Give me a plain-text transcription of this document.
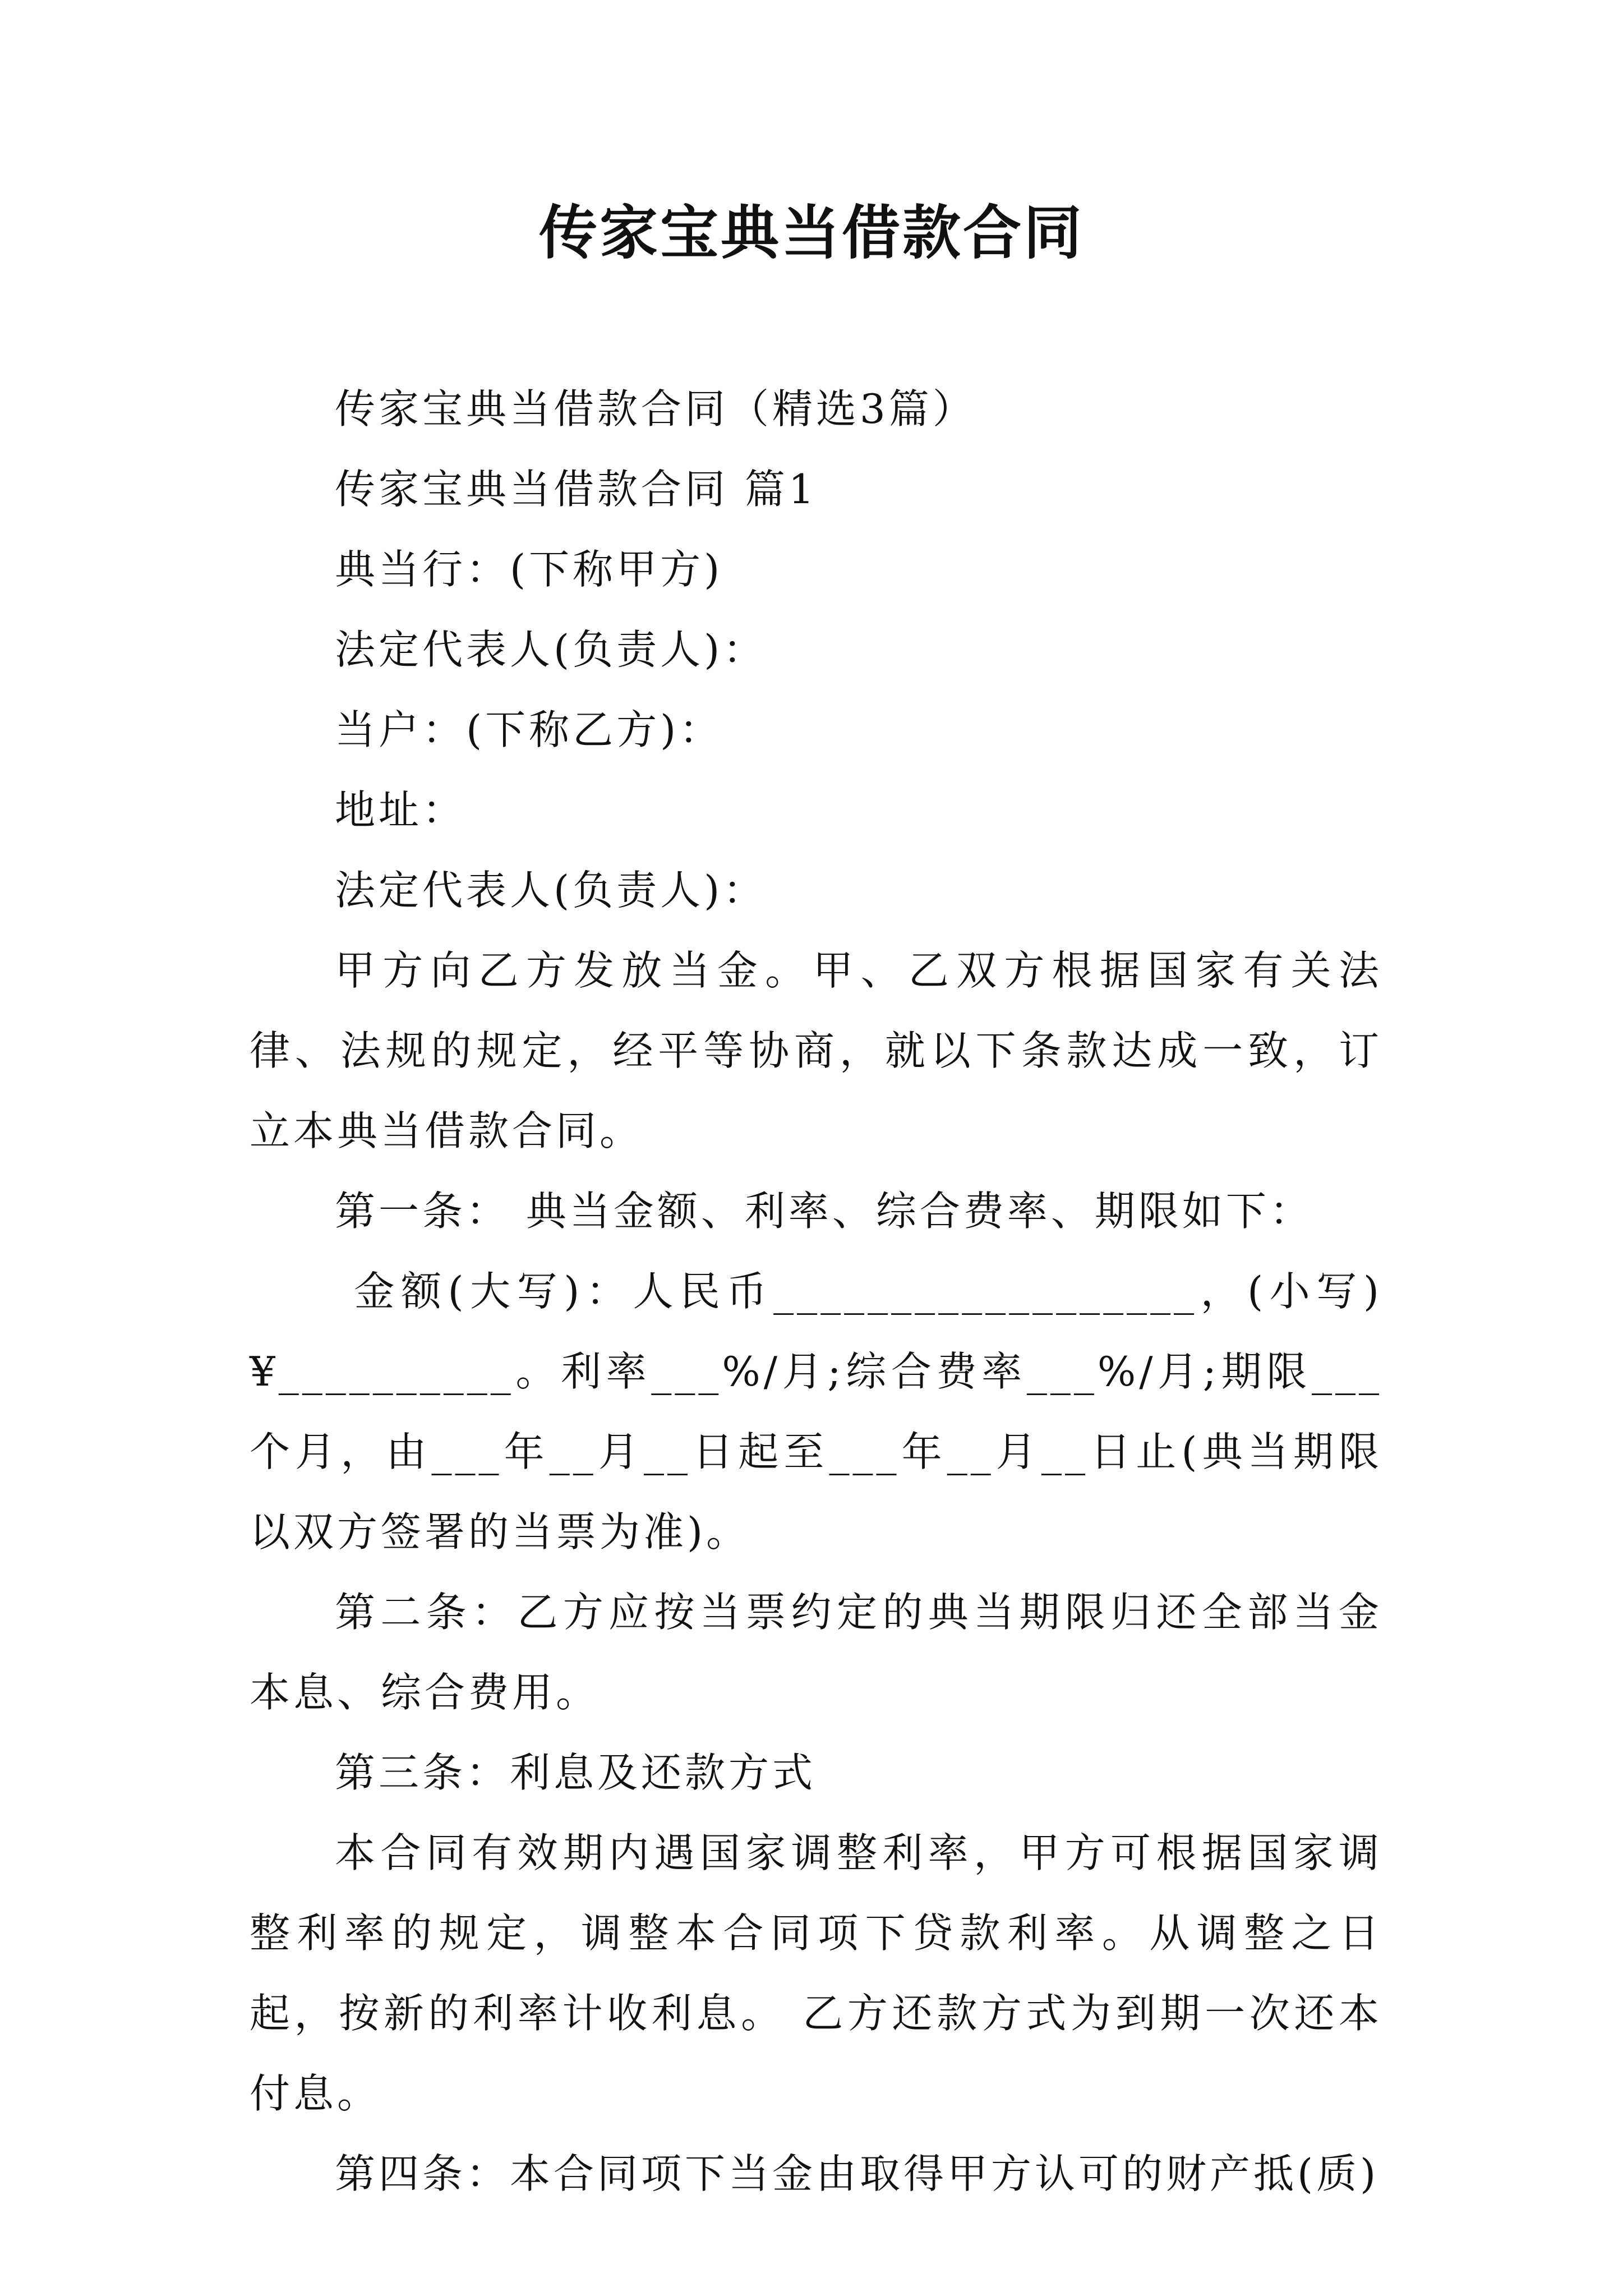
传家宝典当借款合同

传家宝典当借款合同（精选3篇）

传家宝典当借款合同 篇1

典当行：(下称甲方)

法定代表人(负责人)：

当户：(下称乙方)：

地址：

法定代表人(负责人)：

甲方向乙方发放当金。甲、乙双方根据国家有关法律、法规的规定，经平等协商，就以下条款达成一致，订立本典当借款合同。

第一条： 典当金额、利率、综合费率、期限如下：

金额(大写)：人民币__________________，(小写)¥__________。利率___%/月;综合费率___%/月;期限___个月，由___年__月__日起至___年__月__日止(典当期限以双方签署的当票为准)。

第二条：乙方应按当票约定的典当期限归还全部当金本息、综合费用。

第三条：利息及还款方式

本合同有效期内遇国家调整利率，甲方可根据国家调整利率的规定，调整本合同项下贷款利率。从调整之日起，按新的利率计收利息。 乙方还款方式为到期一次还本付息。

第四条：本合同项下当金由取得甲方认可的财产抵(质)
